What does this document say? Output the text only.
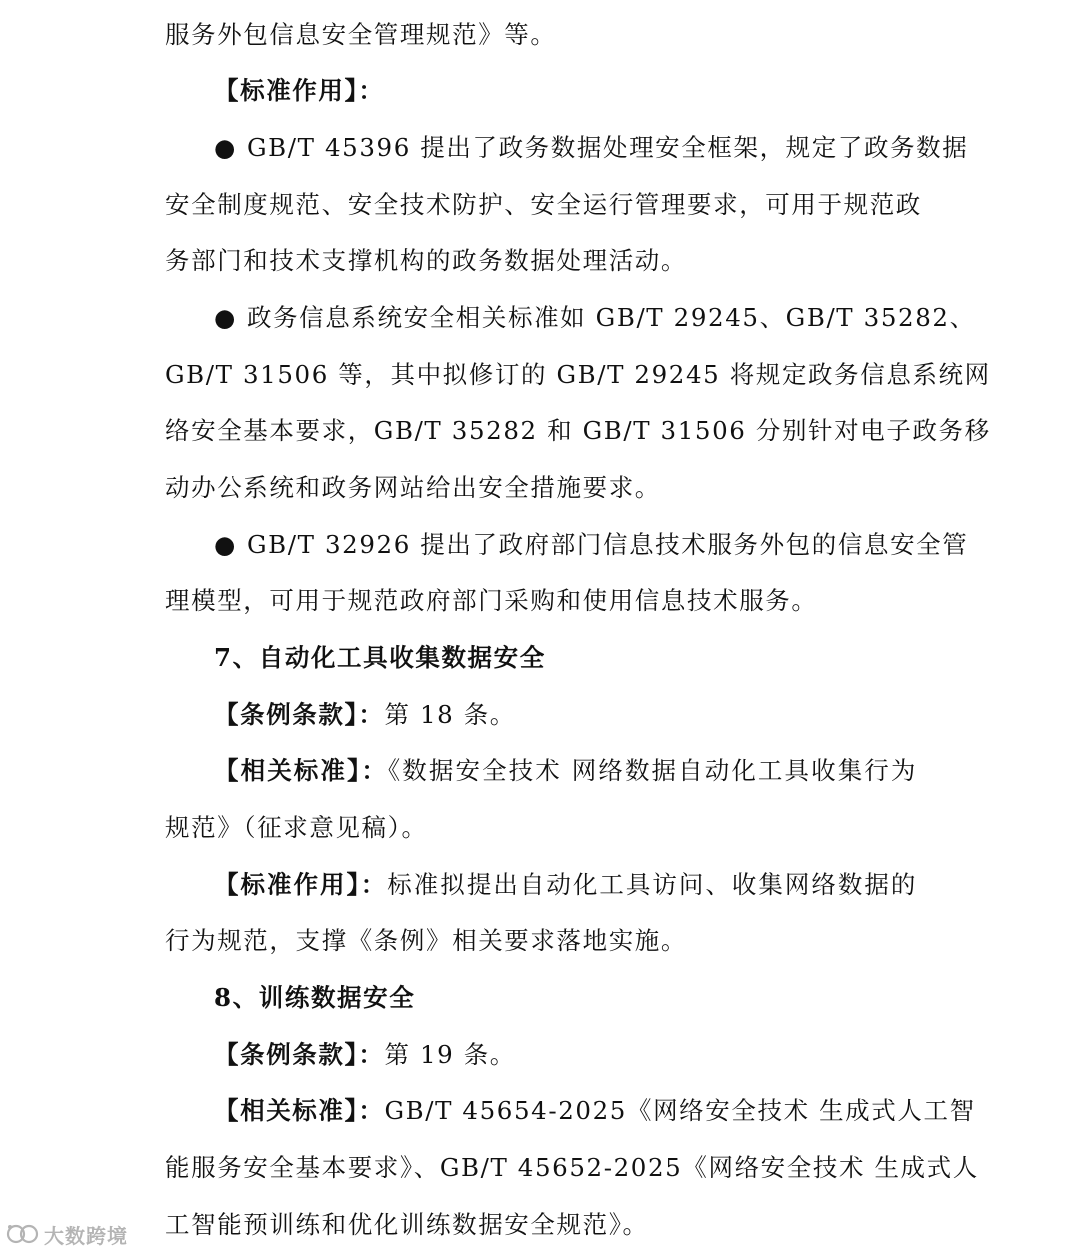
服务外包信息安全管理规范》等。
【标准作用】：
● GB/T 45396 提出了政务数据处理安全框架，规定了政务数据
安全制度规范、安全技术防护、安全运行管理要求，可用于规范政
务部门和技术支撑机构的政务数据处理活动。
● 政务信息系统安全相关标准如 GB/T 29245、GB/T 35282、
GB/T 31506 等，其中拟修订的 GB/T 29245 将规定政务信息系统网
络安全基本要求，GB/T 35282 和 GB/T 31506 分别针对电子政务移
动办公系统和政务网站给出安全措施要求。
● GB/T 32926 提出了政府部门信息技术服务外包的信息安全管
理模型，可用于规范政府部门采购和使用信息技术服务。
7、自动化工具收集数据安全
【条例条款】：第 18 条。
【相关标准】：《数据安全技术 网络数据自动化工具收集行为
规范》（征求意见稿）。
【标准作用】：标准拟提出自动化工具访问、收集网络数据的
行为规范，支撑《条例》相关要求落地实施。
8、训练数据安全
【条例条款】：第 19 条。
【相关标准】：GB/T 45654-2025《网络安全技术 生成式人工智
能服务安全基本要求》、GB/T 45652-2025《网络安全技术 生成式人
工智能预训练和优化训练数据安全规范》。
大数跨境
